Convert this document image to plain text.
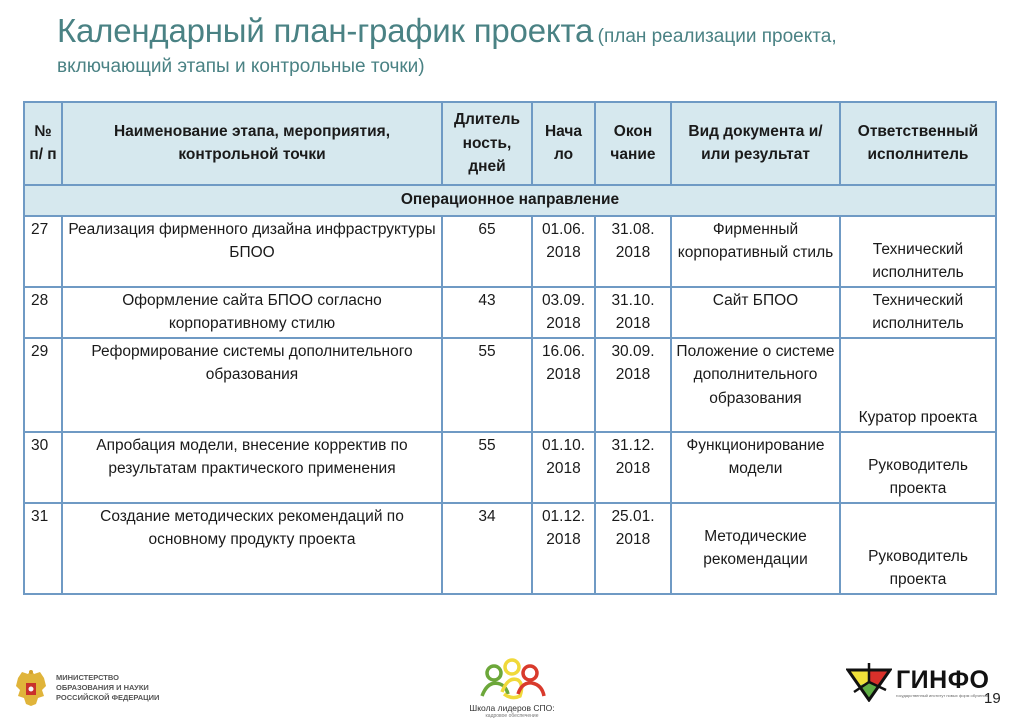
Календарный план-график проекта (план реализации проекта,
включающий этапы и контрольные точки)
№ п/ п	Наименование этапа, мероприятия, контрольной точки	Длитель ность, дней	Нача ло	Окон чание	Вид документа и/или результат	Ответственный исполнитель
Операционное направление						
27	Реализация фирменного дизайна инфраструктуры БПОО	65	01.06. 2018	31.08. 2018	Фирменный корпоративный стиль	Технический исполнитель
28	Оформление сайта БПОО согласно корпоративному стилю	43	03.09. 2018	31.10. 2018	Сайт БПОО	Технический исполнитель
29	Реформирование системы дополнительного образования	55	16.06. 2018	30.09. 2018	Положение о системе дополнительного образования	Куратор проекта
30	Апробация модели, внесение корректив по результатам практического применения	55	01.10. 2018	31.12. 2018	Функционирование модели	Руководитель проекта
31	Создание методических рекомендаций по основному продукту проекта	34	01.12. 2018	25.01. 2018	Методические рекомендации	Руководитель проекта
МИНИСТЕРСТВО
ОБРАЗОВАНИЯ И НАУКИ
РОССИЙСКОЙ ФЕДЕРАЦИИ
Школа лидеров СПО:
кадровое обеспечение
ГИНФО
государственный институт новых форм обучения
19
